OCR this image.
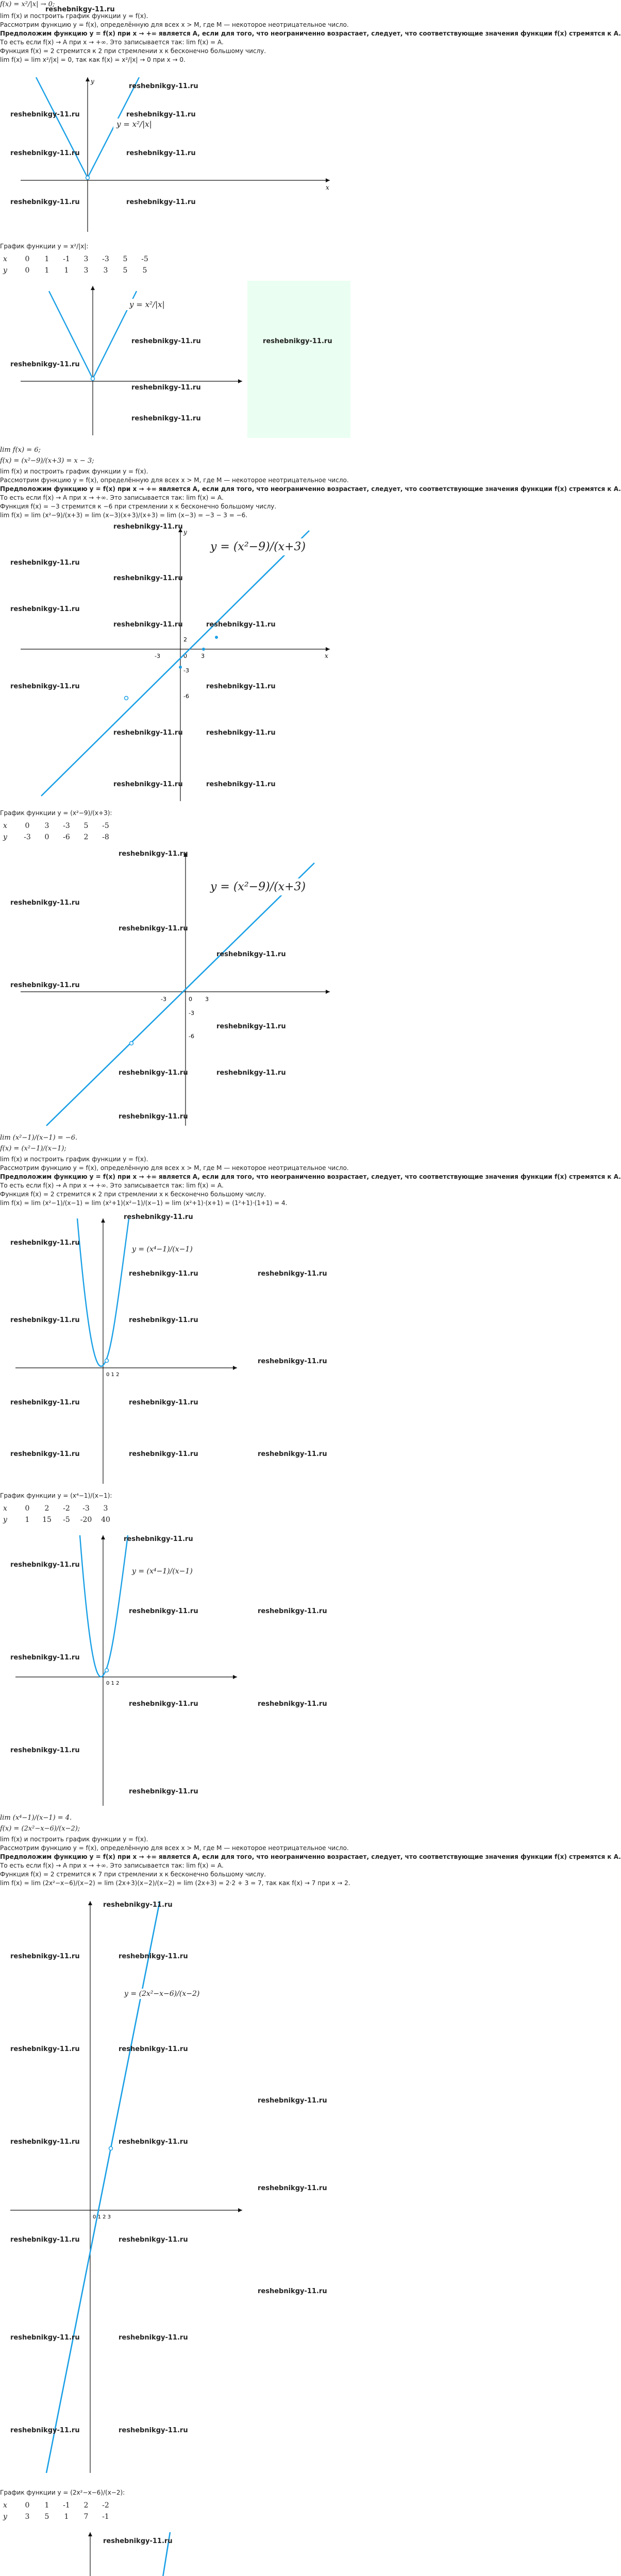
f(x) = x²/|x| → 0;
reshebnikgy-11.ru
lim f(x) и построить график функции y = f(x).
Рассмотрим функцию y = f(x), определённую для всех x > M, где M — некоторое неотрицательное число.
Предположим функцию y = f(x) при x → +∞ является A, если для того, что неограниченно возрастает, следует, что соответствующие значения функции f(x) стремятся к A.
То есть если f(x) → A при x → +∞. Это записывается так: lim f(x) = A.
Функция f(x) = 2 стремится к 2 при стремлении x к бесконечно большому числу.
lim f(x) = lim x²/|x| = 0, так как f(x) = x²/|x| → 0 при x → 0.
x
y
reshebnikgy-11.ru
reshebnikgy-11.ru	reshebnikgy-11.ru
reshebnikgy-11.ru	reshebnikgy-11.ru
reshebnikgy-11.ru	reshebnikgy-11.ru
y = x²/|x|
График функции y = x²/|x|:
x	0	1	-1	3	-3	5	-5
y	0	1	1	3	3	5	5
y = x²/|x|
reshebnikgy-11.ru
reshebnikgy-11.ru	reshebnikgy-11.ru
reshebnikgy-11.ru
reshebnikgy-11.ru
lim f(x) = 6;
f(x) = (x²−9)/(x+3) = x − 3;
lim f(x) и построить график функции y = f(x).
Рассмотрим функцию y = f(x), определённую для всех x > M, где M — некоторое неотрицательное число.
Предположим функцию y = f(x) при x → +∞ является A, если для того, что неограниченно возрастает, следует, что соответствующие значения функции f(x) стремятся к A.
То есть если f(x) → A при x → +∞. Это записывается так: lim f(x) = A.
Функция f(x) = −3 стремится к −6 при стремлении x к бесконечно большому числу.
lim f(x) = lim (x²−9)/(x+3) = lim (x−3)(x+3)/(x+3) = lim (x−3) = −3 − 3 = −6.
x
y
-3	0 3
-3
-6
2
y = (x²−9)/(x+3)
reshebnikgy-11.ru
reshebnikgy-11.ru
reshebnikgy-11.ru
reshebnikgy-11.ru
reshebnikgy-11.ru	reshebnikgy-11.ru
reshebnikgy-11.ru	reshebnikgy-11.ru
reshebnikgy-11.ru	reshebnikgy-11.ru
reshebnikgy-11.ru	reshebnikgy-11.ru
График функции y = (x²−9)/(x+3):
x	0	3	-3	5	-5
y	-3	0	-6	2	-8
-3	0 3
-3
-6
y = (x²−9)/(x+3)
reshebnikgy-11.ru
reshebnikgy-11.ru
reshebnikgy-11.ru
reshebnikgy-11.ru
reshebnikgy-11.ru
reshebnikgy-11.ru
reshebnikgy-11.ru	reshebnikgy-11.ru
reshebnikgy-11.ru
lim (x²−1)/(x−1) = −6.
f(x) = (x²−1)/(x−1);
lim f(x) и построить график функции y = f(x).
Рассмотрим функцию y = f(x), определённую для всех x > M, где M — некоторое неотрицательное число.
Предположим функцию y = f(x) при x → +∞ является A, если для того, что неограниченно возрастает, следует, что соответствующие значения функции f(x) стремятся к A.
То есть если f(x) → A при x → +∞. Это записывается так: lim f(x) = A.
Функция f(x) = 2 стремится к 2 при стремлении x к бесконечно большому числу.
lim f(x) = lim (x²−1)/(x−1) = lim (x²+1)(x²−1)/(x−1) = lim (x²+1)·(x+1) = (1²+1)·(1+1) = 4.
0 1 2
y = (x⁴−1)/(x−1)
reshebnikgy-11.ru
reshebnikgy-11.ru
reshebnikgy-11.ru	reshebnikgy-11.ru
reshebnikgy-11.ru	reshebnikgy-11.ru
reshebnikgy-11.ru
reshebnikgy-11.ru	reshebnikgy-11.ru
reshebnikgy-11.ru	reshebnikgy-11.ru	reshebnikgy-11.ru
График функции y = (x⁴−1)/(x−1):
x	0	2	-2	-3	3
y	1	15	-5	-20	40
0 1 2
y = (x⁴−1)/(x−1)
reshebnikgy-11.ru
reshebnikgy-11.ru
reshebnikgy-11.ru	reshebnikgy-11.ru
reshebnikgy-11.ru
reshebnikgy-11.ru	reshebnikgy-11.ru
reshebnikgy-11.ru
reshebnikgy-11.ru
lim (x⁴−1)/(x−1) = 4.
f(x) = (2x²−x−6)/(x−2);
lim f(x) и построить график функции y = f(x).
Рассмотрим функцию y = f(x), определённую для всех x > M, где M — некоторое неотрицательное число.
Предположим функцию y = f(x) при x → +∞ является A, если для того, что неограниченно возрастает, следует, что соответствующие значения функции f(x) стремятся к A.
То есть если f(x) → A при x → +∞. Это записывается так: lim f(x) = A.
Функция f(x) = 2 стремится к 7 при стремлении x к бесконечно большому числу.
lim f(x) = lim (2x²−x−6)/(x−2) = lim (2x+3)(x−2)/(x−2) = lim (2x+3) = 2·2 + 3 = 7, так как f(x) → 7 при x → 2.
0 1 2 3
y = (2x²−x−6)/(x−2)
reshebnikgy-11.ru
reshebnikgy-11.ru	reshebnikgy-11.ru
reshebnikgy-11.ru	reshebnikgy-11.ru
reshebnikgy-11.ru
reshebnikgy-11.ru	reshebnikgy-11.ru
reshebnikgy-11.ru
reshebnikgy-11.ru	reshebnikgy-11.ru
reshebnikgy-11.ru
reshebnikgy-11.ru	reshebnikgy-11.ru
reshebnikgy-11.ru	reshebnikgy-11.ru
График функции y = (2x²−x−6)/(x−2):
x	0	1	-1	2	-2
y	3	5	1	7	-1
reshebnikgy-11.ru
